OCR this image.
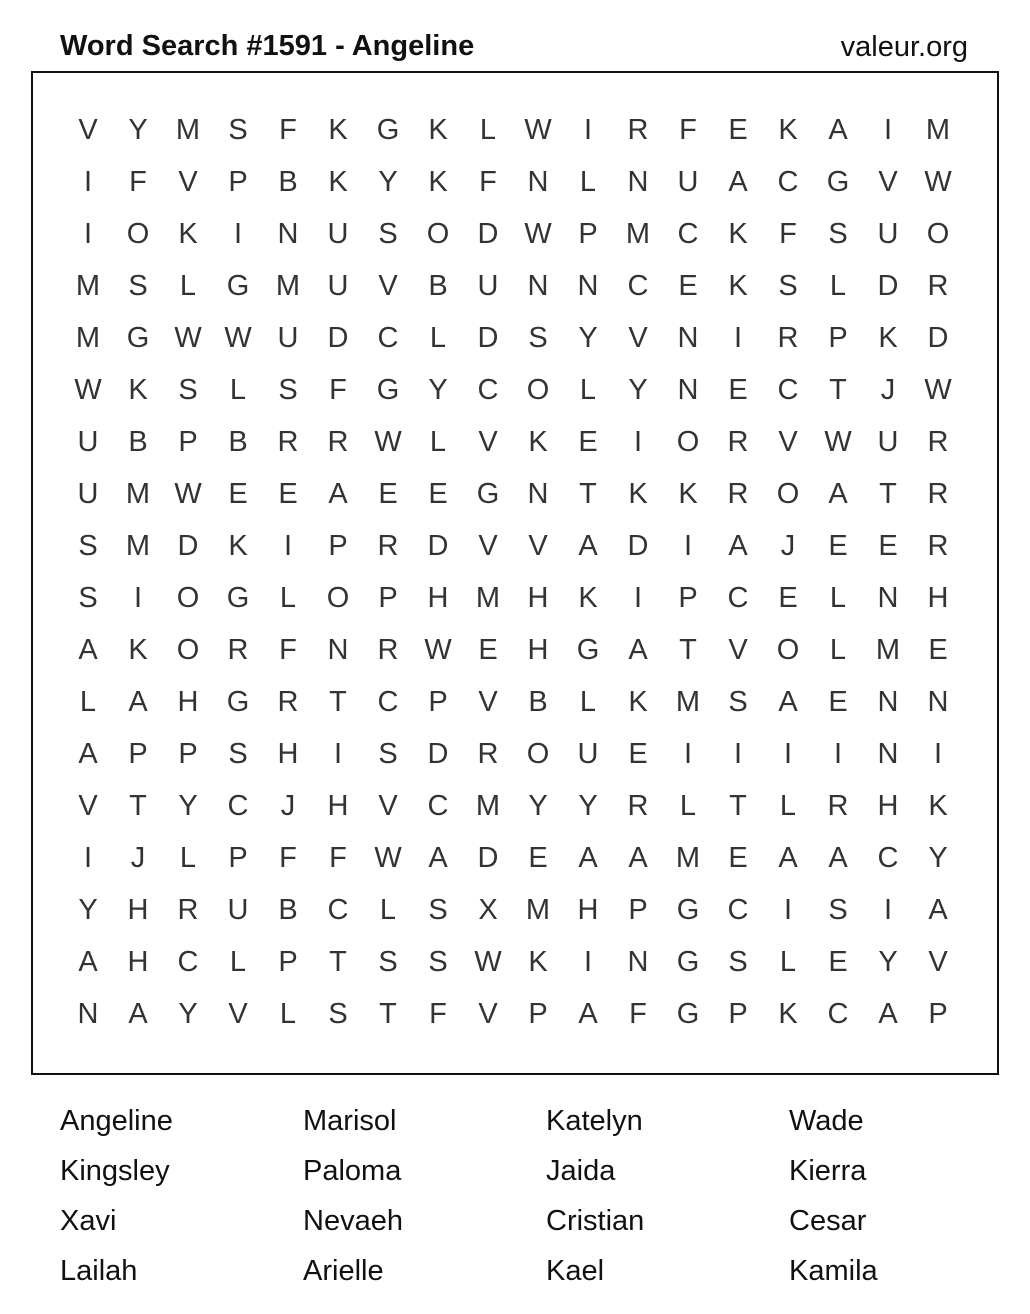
Word Search #1591 - Angeline	valeur.org
V	Y M S	F	K	G	K	L W	I	R	F	E	K	A	I	M
I	F	V	P	B	K	Y	K	F	N	L	N	U	A	C G	V W
I	O	K	I	N	U	S	O D W P M C	K	F	S	U O
M S	L	G M U	V	B	U	N	N	C	E	K	S	L	D	R
M G W W U	D	C	L	D	S	Y	V	N	I	R	P	K	D
W K	S	L	S	F	G	Y	C O	L	Y	N	E	C	T	J	W
U	B	P	B	R	R W L	V	K	E	I	O R	V W U	R
U M W E	E	A	E	E	G N	T	K	K	R O	A	T	R
S M D	K	I	P	R	D	V	V	A	D	I	A	J	E	E	R
S	I	O G	L	O	P	H M H	K	I	P	C	E	L	N	H
A	K	O R	F	N	R W E	H G	A	T	V	O	L	M E
L	A	H G R	T	C	P	V	B	L	K M S	A	E	N	N
A	P	P	S	H	I	S	D	R O U	E	I	I	I	I	N	I
V	T	Y	C	J	H	V	C M Y	Y	R	L	T	L	R	H	K
I	J	L	P	F	F W A	D	E	A	A M E	A	A	C	Y
Y	H	R	U	B	C	L	S	X M H	P	G C	I	S	I	A
A	H	C	L	P	T	S	S W K	I	N G	S	L	E	Y	V
N	A	Y	V	L	S	T	F	V	P	A	F	G	P	K	C	A	P
Angeline	Marisol	Katelyn	Wade
Kingsley	Paloma	Jaida	Kierra
Xavi	Nevaeh	Cristian	Cesar
Lailah	Arielle	Kael	Kamila
